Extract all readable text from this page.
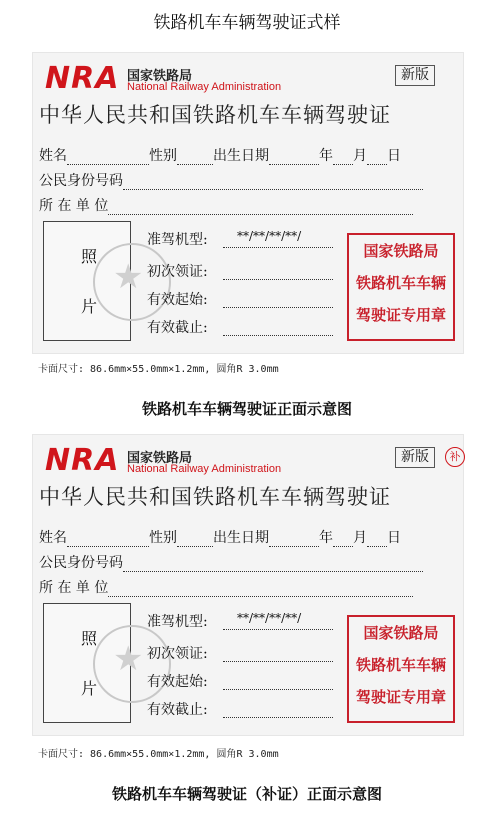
铁路机车车辆驾驶证式样
NRA 国家铁路局
National Railway Administration
新版
中华人民共和国铁路机车车辆驾驶证
姓名	性别	出生日期	年 月 日
公民身份号码
所 在 单 位
照
片
★
准驾机型: **/**/**/**/
初次领证:
有效起始:
有效截止:
国家铁路局
铁路机车车辆
驾驶证专用章
卡面尺寸: 86.6mm×55.0mm×1.2mm, 圆角R 3.0mm
铁路机车车辆驾驶证正面示意图
NRA 国家铁路局
National Railway Administration
新版	补
中华人民共和国铁路机车车辆驾驶证
姓名	性别	出生日期	年 月 日
公民身份号码
所 在 单 位
照
片
★
准驾机型: **/**/**/**/
初次领证:
有效起始:
有效截止:
国家铁路局
铁路机车车辆
驾驶证专用章
卡面尺寸: 86.6mm×55.0mm×1.2mm, 圆角R 3.0mm
铁路机车车辆驾驶证（补证）正面示意图
